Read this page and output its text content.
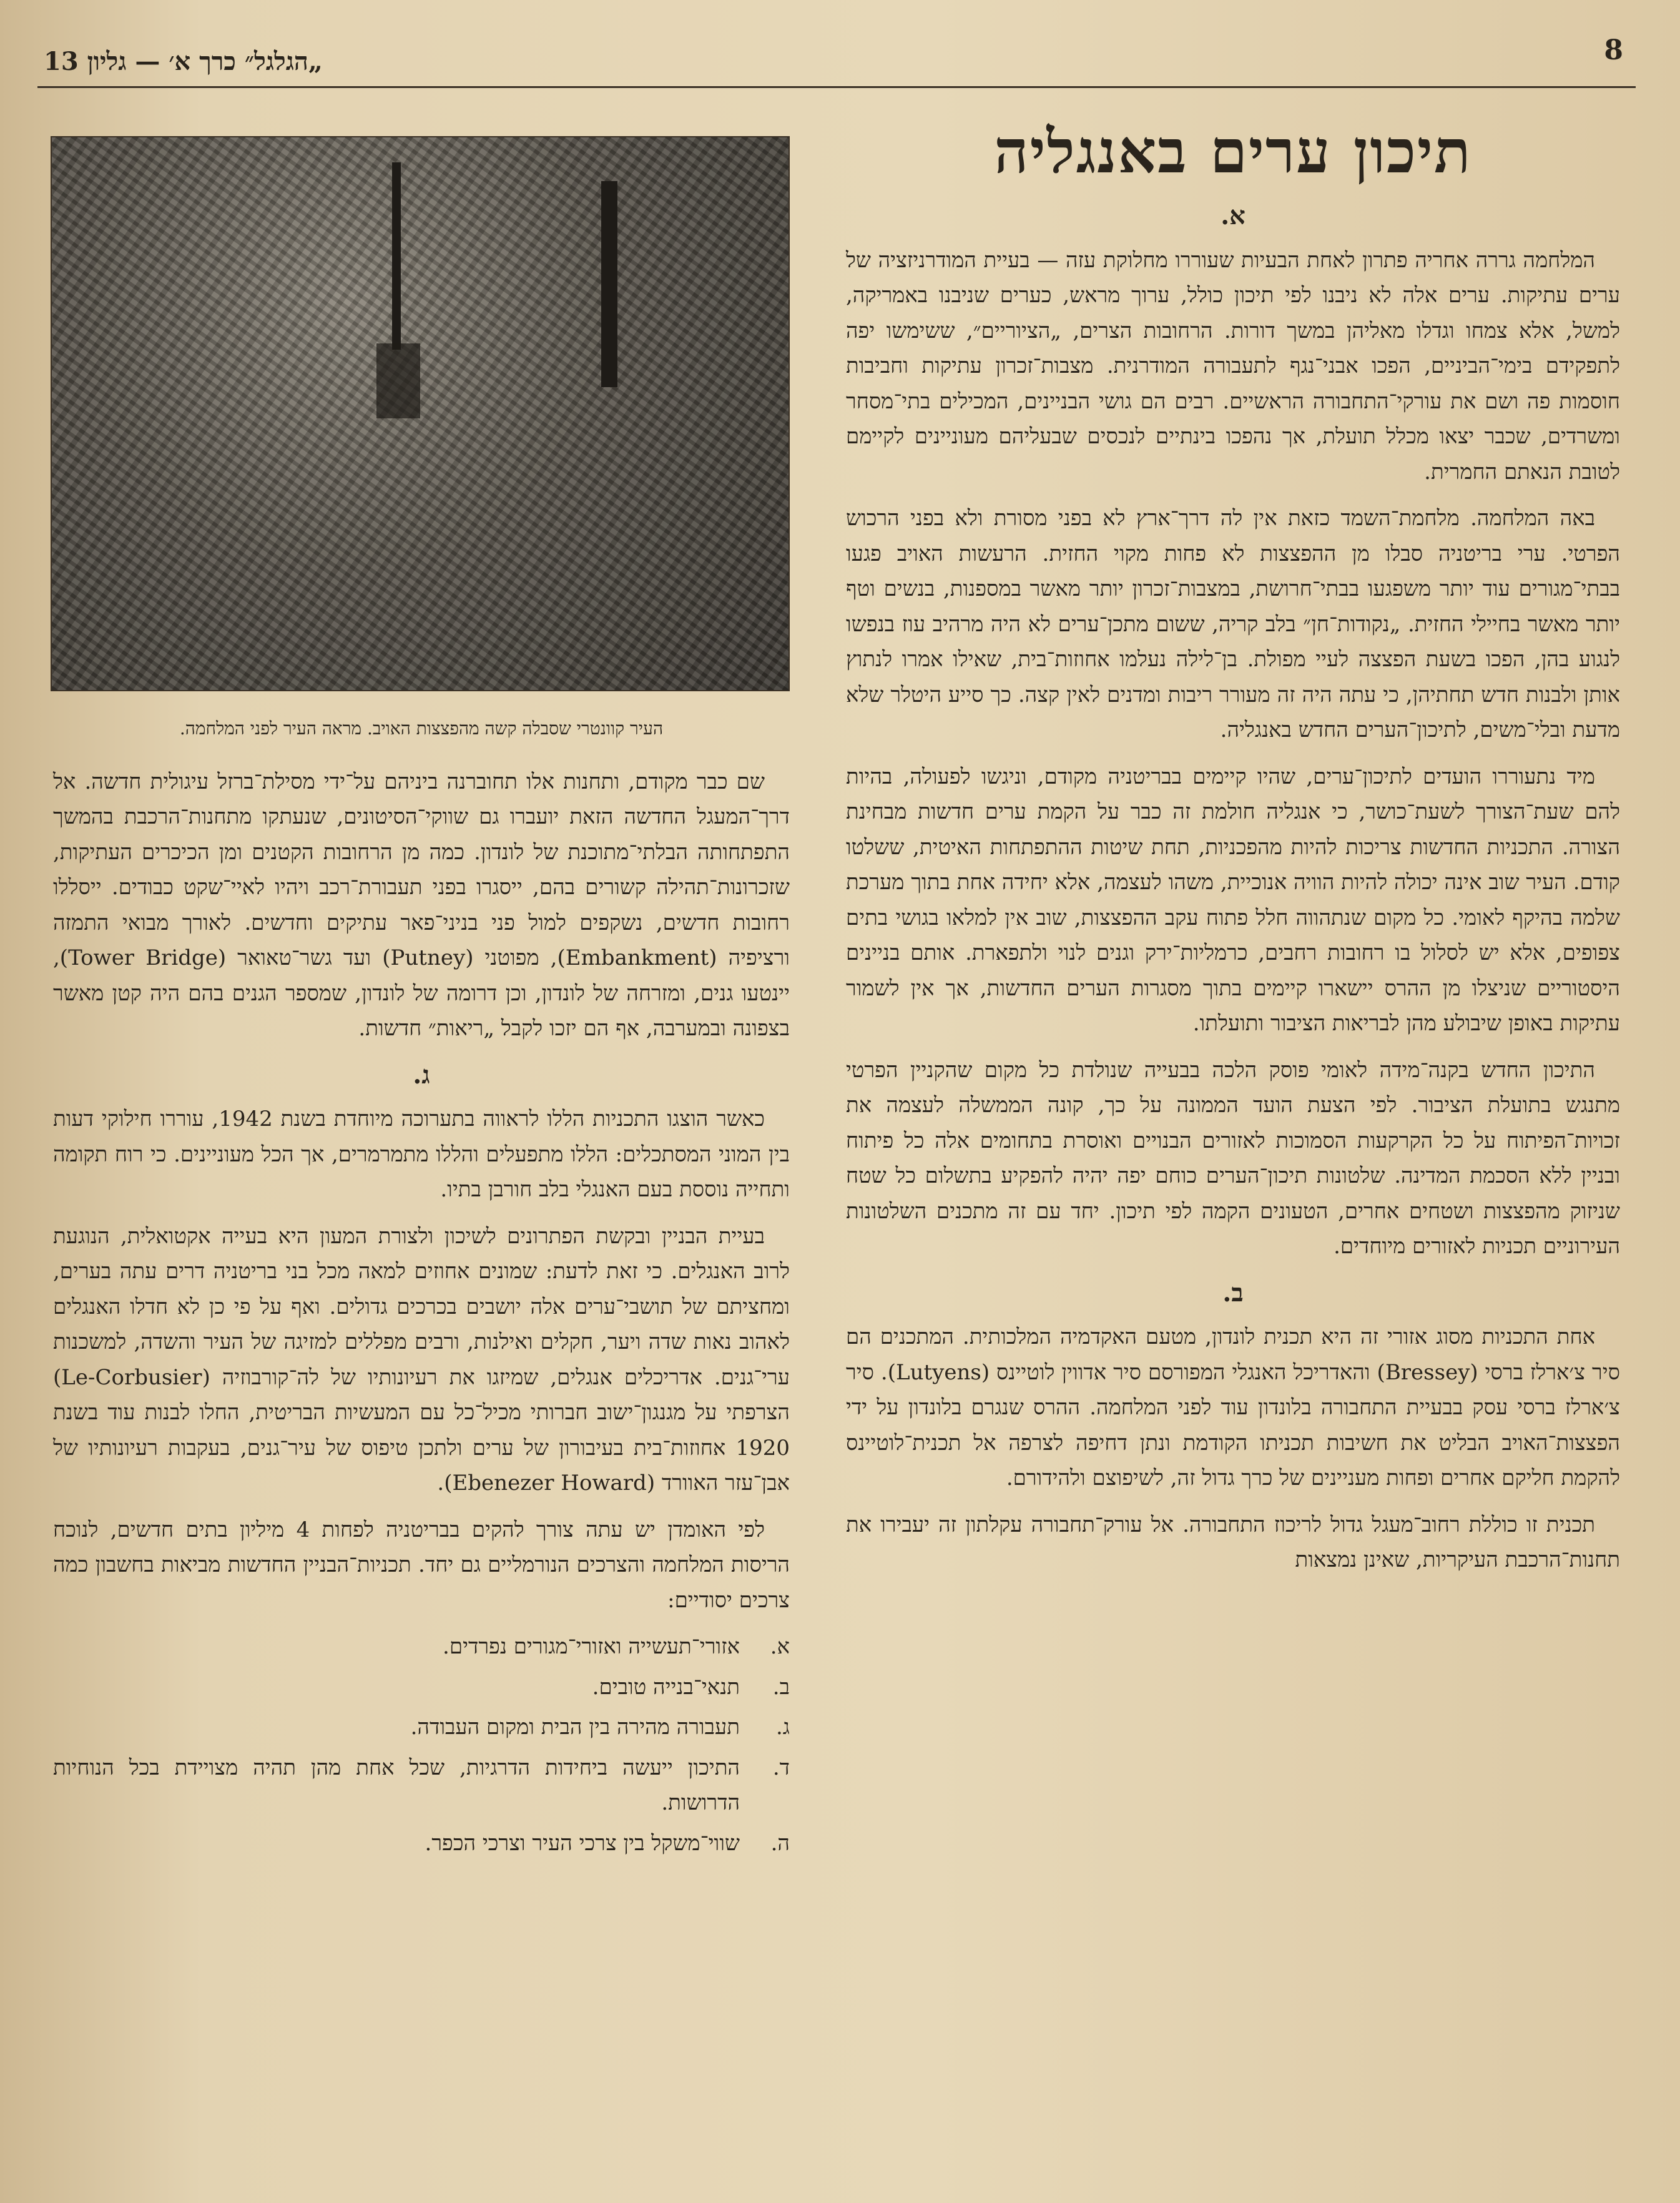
8
„הגלגל״ כרך א׳ — גליון 13
תיכון ערים באנגליה
א.

המלחמה גררה אחריה פתרון לאחת הבעיות שעוררו מחלוקת עזה — בעיית המודרניזציה של ערים עתיקות. ערים אלה לא ניבנו לפי תיכון כולל, ערוך מראש, כערים שניבנו באמריקה, למשל, אלא צמחו וגדלו מאליהן במשך דורות. הרחובות הצרים, „הציוריים״, ששימשו יפה לתפקידם בימי־הביניים, הפכו אבני־נגף לתעבורה המודרנית. מצבות־זכרון עתיקות וחביבות חוסמות פה ושם את עורקי־התחבורה הראשיים. רבים הם גושי הבניינים, המכילים בתי־מסחר ומשרדים, שכבר יצאו מכלל תועלת, אך נהפכו בינתיים לנכסים שבעליהם מעוניינים לקיימם לטובת הנאתם החמרית.

באה המלחמה. מלחמת־השמד כזאת אין לה דרך־ארץ לא בפני מסורת ולא בפני הרכוש הפרטי. ערי בריטניה סבלו מן ההפצצות לא פחות מקוי החזית. הרעשות האויב פגעו בבתי־מגורים עוד יותר משפגעו בבתי־חרושת, במצבות־זכרון יותר מאשר במספנות, בנשים וטף יותר מאשר בחיילי החזית. „נקודות־חן״ בלב קריה, ששום מתכן־ערים לא היה מרהיב עוז בנפשו לנגוע בהן, הפכו בשעת הפצצה לעיי מפולת. בן־לילה נעלמו אחוזות־בית, שאילו אמרו לנתוץ אותן ולבנות חדש תחתיהן, כי עתה היה זה מעורר ריבות ומדנים לאין קצה. כך סייע היטלר שלא מדעת ובלי־משים, לתיכון־הערים החדש באנגליה.

מיד נתעוררו הועדים לתיכון־ערים, שהיו קיימים בבריטניה מקודם, וניגשו לפעולה, בהיות להם שעת־הצורך לשעת־כושר, כי אנגליה חולמת זה כבר על הקמת ערים חדשות מבחינת הצורה. התכניות החדשות צריכות להיות מהפכניות, תחת שיטות ההתפתחות האיטית, ששלטו קודם. העיר שוב אינה יכולה להיות הוויה אנוכיית, משהו לעצמה, אלא יחידה אחת בתוך מערכת שלמה בהיקף לאומי. כל מקום שנתהווה חלל פתוח עקב ההפצצות, שוב אין למלאו בגושי בתים צפופים, אלא יש לסלול בו רחובות רחבים, כרמליות־ירק וגנים לנוי ולתפארת. אותם בניינים היסטוריים שניצלו מן ההרס יישארו קיימים בתוך מסגרות הערים החדשות, אך אין לשמור עתיקות באופן שיבולע מהן לבריאות הציבור ותועלתו.

התיכון החדש בקנה־מידה לאומי פוסק הלכה בבעייה שנולדת כל מקום שהקניין הפרטי מתנגש בתועלת הציבור. לפי הצעת הועד הממונה על כך, קונה הממשלה לעצמה את זכויות־הפיתוח על כל הקרקעות הסמוכות לאזורים הבנויים ואוסרת בתחומים אלה כל פיתוח ובניין ללא הסכמת המדינה. שלטונות תיכון־הערים כוחם יפה יהיה להפקיע בתשלום כל שטח שניזוק מהפצצות ושטחים אחרים, הטעונים הקמה לפי תיכון. יחד עם זה מתכנים השלטונות העירוניים תכניות לאזורים מיוחדים.

ב.

אחת התכניות מסוג אזורי זה היא תכנית לונדון, מטעם האקדמיה המלכותית. המתכנים הם סיר צ׳ארלז ברסי (Bressey) והאדריכל האנגלי המפורסם סיר אדווין לוטיינס (Lutyens). סיר צ׳ארלז ברסי עסק בבעיית התחבורה בלונדון עוד לפני המלחמה. ההרס שנגרם בלונדון על ידי הפצצות־האויב הבליט את חשיבות תכניתו הקודמת ונתן דחיפה לצרפה אל תכנית־לוטיינס להקמת חליקם אחרים ופחות מעניינים של כרך גדול זה, לשיפוצם ולהידורם.

תכנית זו כוללת רחוב־מעגל גדול לריכוז התחבורה. אל עורק־תחבורה עקלתון זה יעבירו את תחנות־הרכבת העיקריות, שאינן נמצאות

העיר קוונטרי שסבלה קשה מהפצצות האויב. מראה העיר לפני המלחמה.

שם כבר מקודם, ותחנות אלו תחוברנה ביניהם על־ידי מסילת־ברזל עיגולית חדשה. אל דרך־המעגל החדשה הזאת יועברו גם שווקי־הסיטונים, שנעתקו מתחנות־הרכבת בהמשך התפתחותה הבלתי־מתוכנת של לונדון. כמה מן הרחובות הקטנים ומן הכיכרים העתיקות, שזכרונות־תהילה קשורים בהם, ייסגרו בפני תעבורת־רכב ויהיו לאיי־שקט כבודים. ייסללו רחובות חדשים, נשקפים למול פני בניני־פאר עתיקים וחדשים. לאורך מבואי התמזה ורציפיה (Embankment), מפוטני (Putney) ועד גשר־טאואר (Tower Bridge), יינטעו גנים, ומזרחה של לונדון, וכן דרומה של לונדון, שמספר הגנים בהם היה קטן מאשר בצפונה ובמערבה, אף הם יזכו לקבל „ריאות״ חדשות.

ג.

כאשר הוצגו התכניות הללו לראווה בתערוכה מיוחדת בשנת 1942, עוררו חילוקי דעות בין המוני המסתכלים: הללו מתפעלים והללו מתמרמרים, אך הכל מעוניינים. כי רוח תקומה ותחייה נוססת בעם האנגלי בלב חורבן בתיו.

בעיית הבניין ובקשת הפתרונים לשיכון ולצורת המעון היא בעייה אקטואלית, הנוגעת לרוב האנגלים. כי זאת לדעת: שמונים אחוזים למאה מכל בני בריטניה דרים עתה בערים, ומחציתם של תושבי־ערים אלה יושבים בכרכים גדולים. ואף על פי כן לא חדלו האנגלים לאהוב נאות שדה ויער, חקלים ואילנות, ורבים מפללים למזיגה של העיר והשדה, למשכנות ערי־גנים. אדריכלים אנגלים, שמיזגו את רעיונותיו של לה־קורבוזיה (Le-Corbusier) הצרפתי על מגנגון־ישוב חברותי מכיל־כל עם המעשיות הבריטית, החלו לבנות עוד בשנת 1920 אחוזות־בית בעיבורון של ערים ולתכן טיפוס של עיר־גנים, בעקבות רעיונותיו של אבן־עזר האוורד (Ebenezer Howard).

לפי האומדן יש עתה צורך להקים בבריטניה לפחות 4 מיליון בתים חדשים, לנוכח הריסות המלחמה והצרכים הנורמליים גם יחד. תכניות־הבניין החדשות מביאות בחשבון כמה צרכים יסודיים:

א.
אזורי־תעשייה ואזורי־מגורים נפרדים.
ב.
תנאי־בנייה טובים.
ג.
תעבורה מהירה בין הבית ומקום העבודה.
ד.
התיכון ייעשה ביחידות הדרגיות, שכל אחת מהן תהיה מצויידת בכל הנוחיות הדרושות.
ה.
שווי־משקל בין צרכי העיר וצרכי הכפר.
